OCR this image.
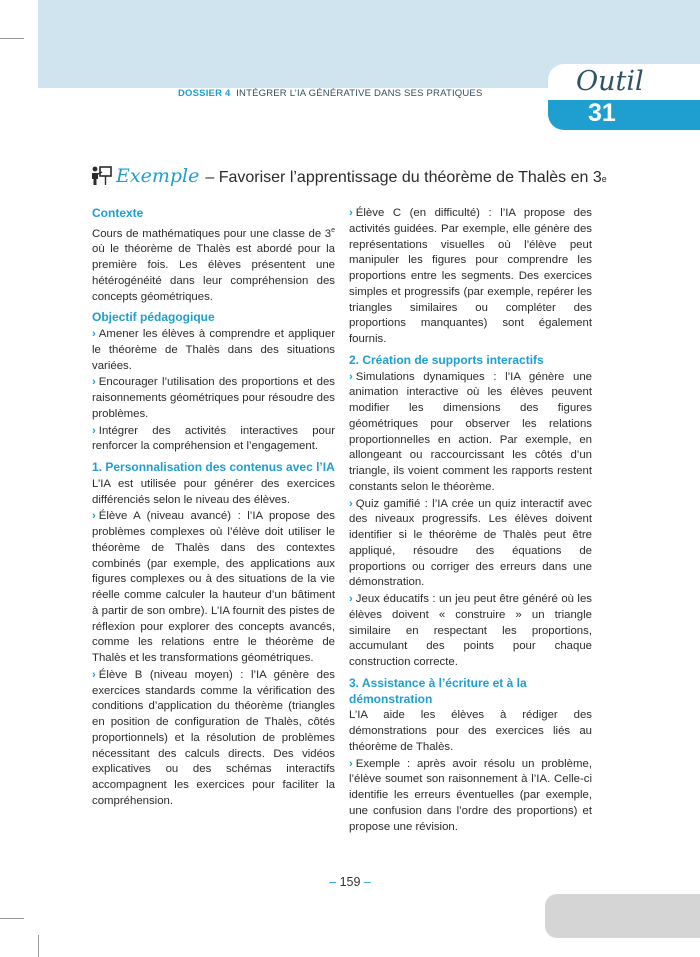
DOSSIER 4 INTÉGRER L’IA GÉNÉRATIVE DANS SES PRATIQUES	Outil
31
Exemple – Favoriser l’apprentissage du théorème de Thalès en 3 e
Contexte

Cours de mathématiques pour une classe de 3e où le théorème de Thalès est abordé pour la première fois. Les élèves présentent une hétérogénéité dans leur compréhension des concepts géométriques.

Objectif pédagogique

› Amener les élèves à comprendre et appliquer le théorème de Thalès dans des situations variées.

› Encourager l’utilisation des proportions et des raisonnements géométriques pour résoudre des problèmes.

› Intégrer des activités interactives pour renforcer la compréhension et l’engagement.

1. Personnalisation des contenus avec l’IA

L’IA est utilisée pour générer des exercices différenciés selon le niveau des élèves.

› Élève A (niveau avancé) : l’IA propose des problèmes complexes où l’élève doit utiliser le théorème de Thalès dans des contextes combinés (par exemple, des applications aux figures complexes ou à des situations de la vie réelle comme calculer la hauteur d’un bâtiment à partir de son ombre). L’IA fournit des pistes de réflexion pour explorer des concepts avancés, comme les relations entre le théorème de Thalès et les transformations géométriques.

› Élève B (niveau moyen) : l’IA génère des exercices standards comme la vérification des conditions d’application du théorème (triangles en position de configuration de Thalès, côtés proportionnels) et la résolution de problèmes nécessitant des calculs directs. Des vidéos explicatives ou des schémas interactifs accompagnent les exercices pour faciliter la compréhension.

› Élève C (en difficulté) : l’IA propose des activités guidées. Par exemple, elle génère des représentations visuelles où l’élève peut manipuler les figures pour comprendre les proportions entre les segments. Des exercices simples et progressifs (par exemple, repérer les triangles similaires ou compléter des proportions manquantes) sont également fournis.

2. Création de supports interactifs

› Simulations dynamiques : l’IA génère une animation interactive où les élèves peuvent modifier les dimensions des figures géométriques pour observer les relations proportionnelles en action. Par exemple, en allongeant ou raccourcissant les côtés d’un triangle, ils voient comment les rapports restent constants selon le théorème.

› Quiz gamifié : l’IA crée un quiz interactif avec des niveaux progressifs. Les élèves doivent identifier si le théorème de Thalès peut être appliqué, résoudre des équations de proportions ou corriger des erreurs dans une démonstration.

› Jeux éducatifs : un jeu peut être généré où les élèves doivent « construire » un triangle similaire en respectant les proportions, accumulant des points pour chaque construction correcte.

3. Assistance à l’écriture et à la démonstration

L’IA aide les élèves à rédiger des démonstrations pour des exercices liés au théorème de Thalès.

› Exemple : après avoir résolu un problème, l’élève soumet son raisonnement à l’IA. Celle-ci identifie les erreurs éventuelles (par exemple, une confusion dans l’ordre des proportions) et propose une révision.

– 159 –
